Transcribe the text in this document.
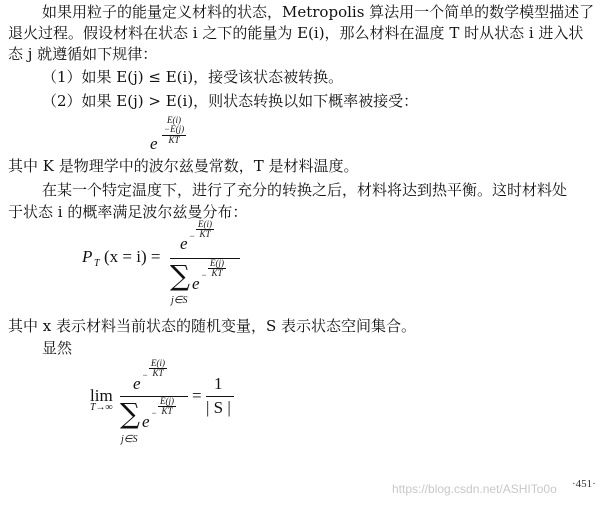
如果用粒子的能量定义材料的状态，Metropolis 算法用一个简单的数学模型描述了
退火过程。假设材料在状态 i 之下的能量为 E(i)，那么材料在温度 T 时从状态 i 进入状
态 j 就遵循如下规律：
（1）如果 E(j) ≤ E(i)，接受该状态被转换。
（2）如果 E(j) > E(i)，则状态转换以如下概率被接受：
e $\frac{E(i)-E(j)}{KT}$
其中 K 是物理学中的波尔兹曼常数，T 是材料温度。
在某一个特定温度下，进行了充分的转换之后，材料将达到热平衡。这时材料处
于状态 i 的概率满足波尔兹曼分布：
P T (x = i) =
$e - \frac{E(i)}{KT}$
∑
j∈S
$e - \frac{E(j)}{KT}$
其中 x 表示材料当前状态的随机变量，S 表示状态空间集合。
显然
lim
T→∞
$e - \frac{E(i)}{KT}$
∑
j∈S
$e - \frac{E(j)}{KT}$
=
1
| S |
https://blog.csdn.net/ASHITo0o ·451·
